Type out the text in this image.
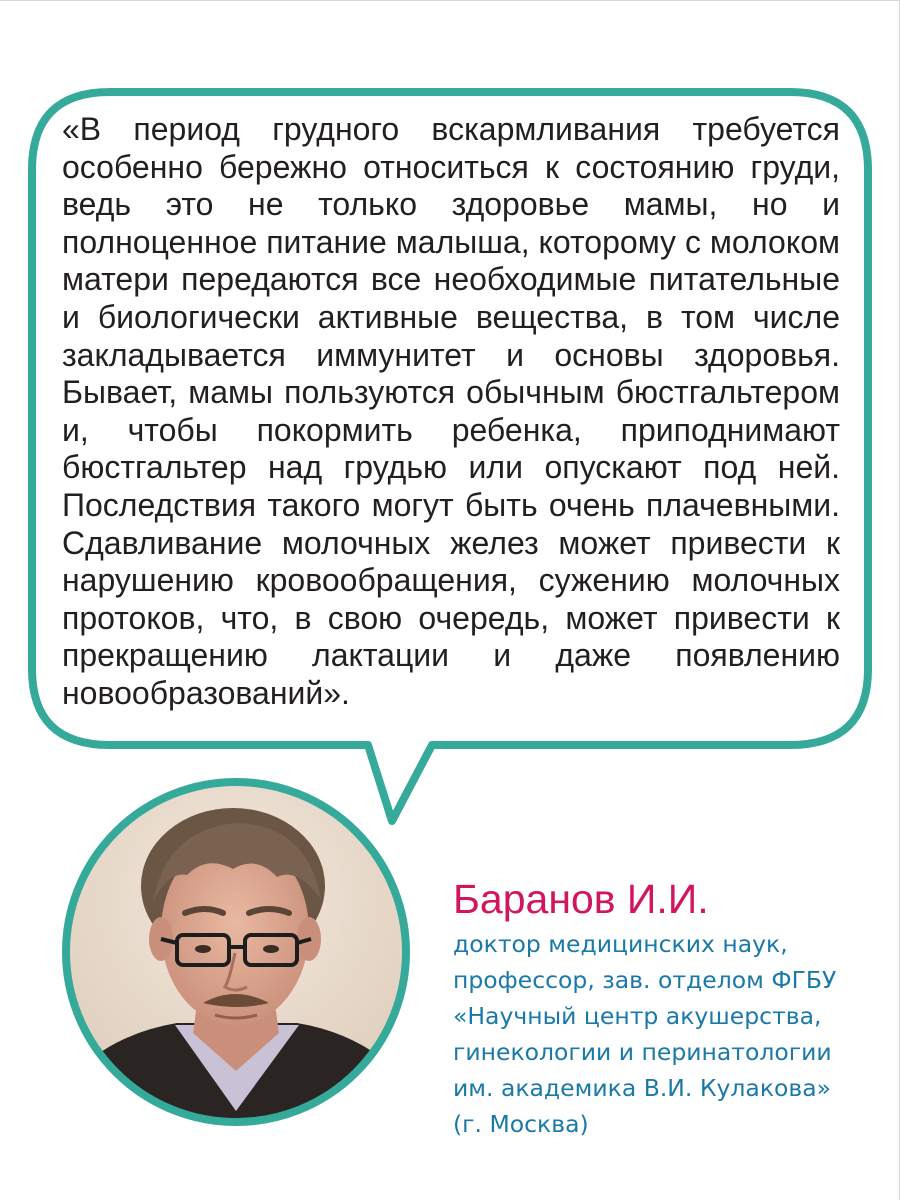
«В период грудного вскармливания требуется особенно бережно относиться к состоянию груди, ведь это не только здоровье мамы, но и полноценное питание малыша, которому с молоком матери передаются все необходимые питательные и биологически активные вещества, в том числе закладывается иммунитет и основы здоровья. Бывает, мамы пользуются обычным бюстгальтером и, чтобы покормить ребенка, приподнимают бюстгальтер над грудью или опускают под ней. Последствия такого могут быть очень плачевными. Сдавливание молочных желез может привести к нарушению кровообращения, сужению молочных протоков, что, в свою очередь, может привести к прекращению лактации и даже появлению новообразований».

Баранов И.И.

доктор медицинских наук,
профессор, зав. отделом ФГБУ
«Научный центр акушерства,
гинекологии и перинатологии
им. академика В.И. Кулакова»
(г. Москва)
